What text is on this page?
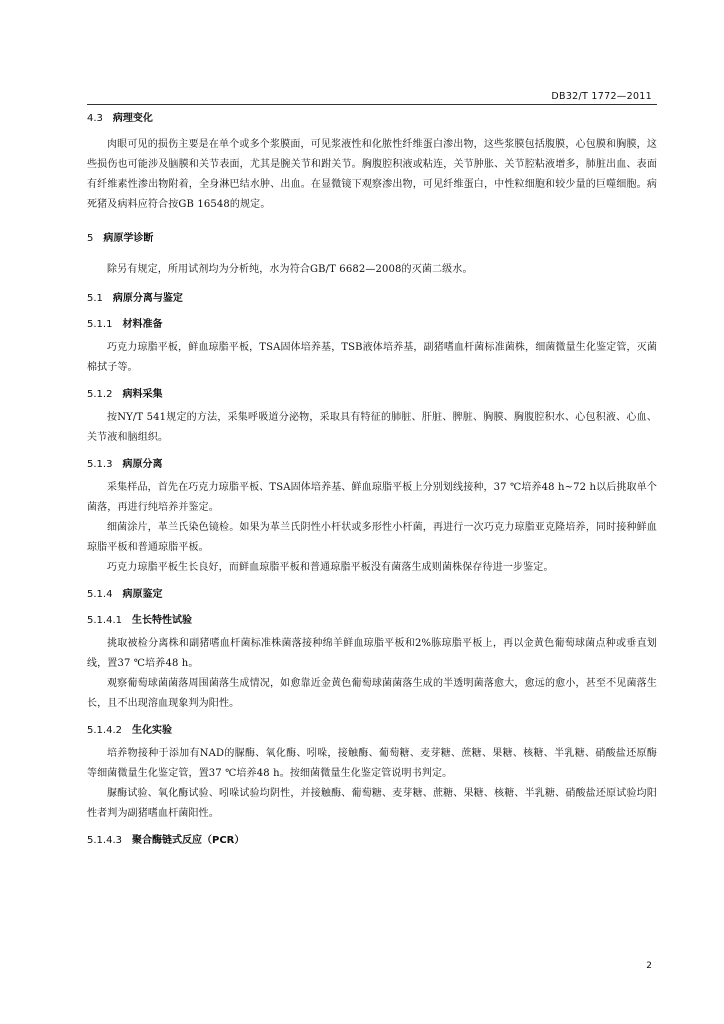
DB32/T 1772—2011
4.3 病理变化

肉眼可见的损伤主要是在单个或多个浆膜面，可见浆液性和化脓性纤维蛋白渗出物，这些浆膜包括腹膜，心包膜和胸膜，这些损伤也可能涉及脑膜和关节表面，尤其是腕关节和跗关节。胸腹腔积液或粘连，关节肿胀、关节腔粘液增多，肺脏出血、表面有纤维素性渗出物附着，全身淋巴结水肿、出血。在显微镜下观察渗出物，可见纤维蛋白，中性粒细胞和较少量的巨噬细胞。病死猪及病料应符合按GB 16548的规定。

5 病原学诊断

除另有规定，所用试剂均为分析纯，水为符合GB/T 6682—2008的灭菌二级水。

5.1 病原分离与鉴定
5.1.1 材料准备

巧克力琼脂平板，鲜血琼脂平板，TSA固体培养基，TSB液体培养基，副猪嗜血杆菌标准菌株，细菌微量生化鉴定管，灭菌棉拭子等。

5.1.2 病料采集

按NY/T 541规定的方法，采集呼吸道分泌物，采取具有特征的肺脏、肝脏、脾脏、胸膜、胸腹腔积水、心包积液、心血、关节液和脑组织。

5.1.3 病原分离

采集样品，首先在巧克力琼脂平板、TSA固体培养基、鲜血琼脂平板上分别划线接种，37 ℃培养48 h~72 h以后挑取单个菌落，再进行纯培养并鉴定。

细菌涂片，革兰氏染色镜检。如果为革兰氏阴性小杆状或多形性小杆菌，再进行一次巧克力琼脂亚克隆培养，同时接种鲜血琼脂平板和普通琼脂平板。

巧克力琼脂平板生长良好，而鲜血琼脂平板和普通琼脂平板没有菌落生成则菌株保存待进一步鉴定。

5.1.4 病原鉴定
5.1.4.1 生长特性试验

挑取被检分离株和副猪嗜血杆菌标准株菌落接种绵羊鲜血琼脂平板和2%胨琼脂平板上，再以金黄色葡萄球菌点种或垂直划线，置37 ℃培养48 h。

观察葡萄球菌菌落周围菌落生成情况，如愈靠近金黄色葡萄球菌菌落生成的半透明菌落愈大，愈远的愈小，甚至不见菌落生长，且不出现溶血现象判为阳性。

5.1.4.2 生化实验

培养物接种于添加有NAD的脲酶、氧化酶、吲哚，接触酶、葡萄糖、麦芽糖、蔗糖、果糖、核糖、半乳糖、硝酸盐还原酶等细菌微量生化鉴定管，置37 ℃培养48 h。按细菌微量生化鉴定管说明书判定。

脲酶试验、氧化酶试验、吲哚试验均阴性，并接触酶、葡萄糖、麦芽糖、蔗糖、果糖、核糖、半乳糖、硝酸盐还原试验均阳性者判为副猪嗜血杆菌阳性。

5.1.4.3 聚合酶链式反应（PCR）
2
